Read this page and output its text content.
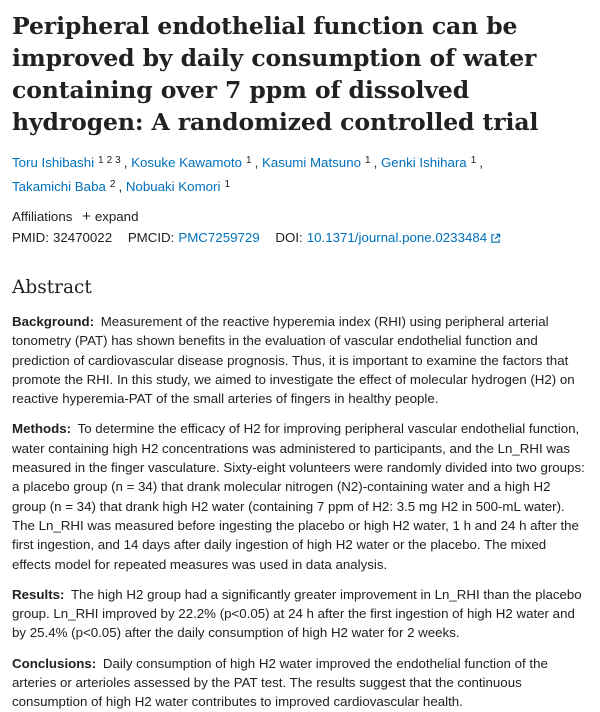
Peripheral endothelial function can be improved by daily consumption of water containing over 7 ppm of dissolved hydrogen: A randomized controlled trial
Toru Ishibashi $^{1 2 3}$ , Kosuke Kawamoto $^1$ , Kasumi Matsuno $^1$ , Genki Ishihara $^1$ ,
Takamichi Baba $^2$ , Nobuaki Komori $^1$
Affiliations + expand
PMID: 32470022 PMCID: PMC7259729 DOI: 10.1371/journal.pone.0233484
Abstract

Background: Measurement of the reactive hyperemia index (RHI) using peripheral arterial tonometry (PAT) has shown benefits in the evaluation of vascular endothelial function and prediction of cardiovascular disease prognosis. Thus, it is important to examine the factors that promote the RHI. In this study, we aimed to investigate the effect of molecular hydrogen (H2) on reactive hyperemia-PAT of the small arteries of fingers in healthy people.

Methods: To determine the efficacy of H2 for improving peripheral vascular endothelial function, water containing high H2 concentrations was administered to participants, and the Ln_RHI was measured in the finger vasculature. Sixty-eight volunteers were randomly divided into two groups: a placebo group (n = 34) that drank molecular nitrogen (N2)-containing water and a high H2 group (n = 34) that drank high H2 water (containing 7 ppm of H2: 3.5 mg H2 in 500-mL water). The Ln_RHI was measured before ingesting the placebo or high H2 water, 1 h and 24 h after the first ingestion, and 14 days after daily ingestion of high H2 water or the placebo. The mixed effects model for repeated measures was used in data analysis.

Results: The high H2 group had a significantly greater improvement in Ln_RHI than the placebo group. Ln_RHI improved by 22.2% (p<0.05) at 24 h after the first ingestion of high H2 water and by 25.4% (p<0.05) after the daily consumption of high H2 water for 2 weeks.

Conclusions: Daily consumption of high H2 water improved the endothelial function of the arteries or arterioles assessed by the PAT test. The results suggest that the continuous consumption of high H2 water contributes to improved cardiovascular health.
